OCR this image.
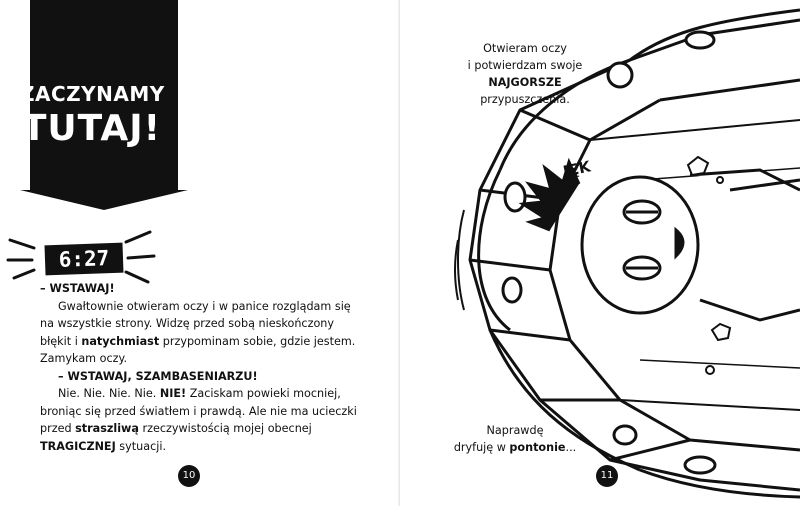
ZACZYNAMY
TUTAJ!
6:27

– WSTAWAJ!

Gwałtownie otwieram oczy i w panice rozglądam się na wszystkie strony. Widzę przed sobą nieskończony błękit i natychmiast przypominam sobie, gdzie jestem. Zamykam oczy.

– WSTAWAJ, SZAMBASENIARZU!

Nie. Nie. Nie. Nie. NIE! Zaciskam powieki mocniej, broniąc się przed światłem i prawdą. Ale nie ma ucieczki przed straszliwą rzeczywistością mojej obecnej TRAGICZNEJ sytuacji.

10
JĘK
Otwieram oczy
i potwierdzam swoje
NAJGORSZE
przypuszczenia.
Naprawdę
dryfuję w pontonie...
11
